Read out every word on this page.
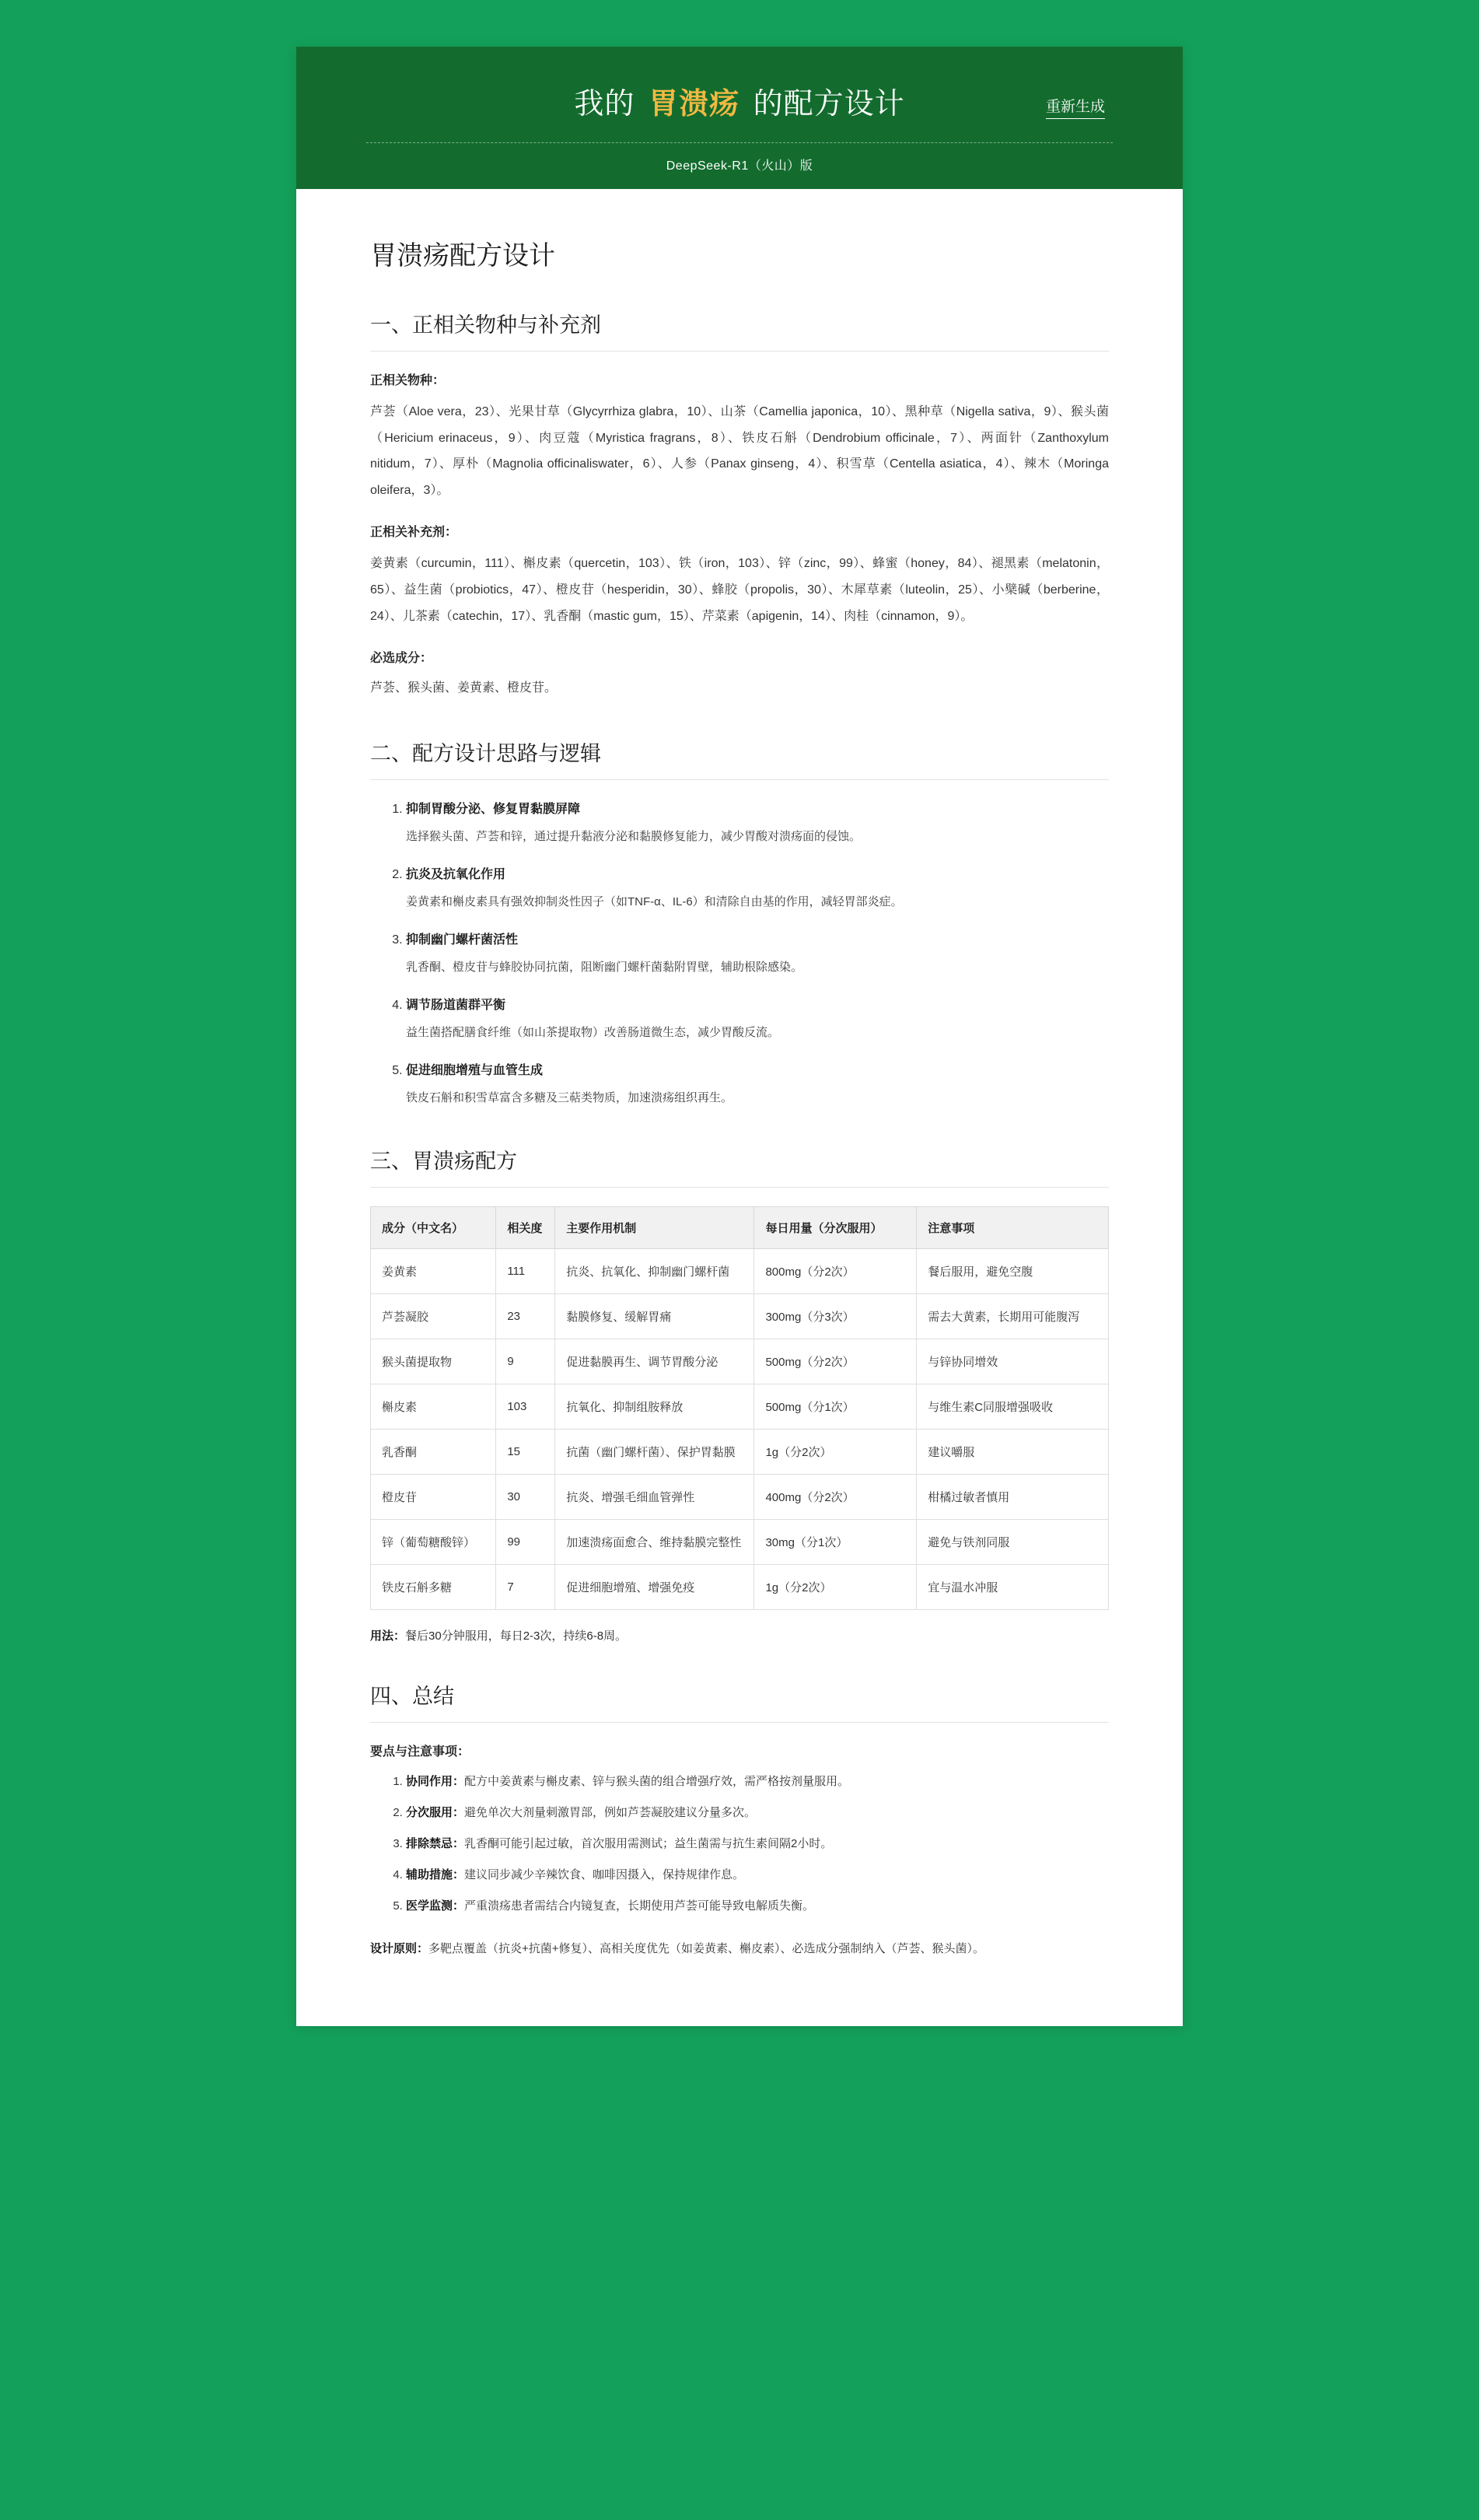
我的 胃溃疡 的配方设计	重新生成
DeepSeek-R1（火山）版
胃溃疡配方设计
一、正相关物种与补充剂
正相关物种：

芦荟（Aloe vera，23）、光果甘草（Glycyrrhiza glabra，10）、山茶（Camellia japonica，10）、黑种草（Nigella sativa，9）、猴头菌（Hericium erinaceus，9）、肉豆蔻（Myristica fragrans，8）、铁皮石斛（Dendrobium officinale，7）、两面针（Zanthoxylum nitidum，7）、厚朴（Magnolia officinaliswater，6）、人参（Panax ginseng，4）、积雪草（Centella asiatica，4）、辣木（Moringa oleifera，3）。

正相关补充剂：

姜黄素（curcumin，111）、槲皮素（quercetin，103）、铁（iron，103）、锌（zinc，99）、蜂蜜（honey，84）、褪黑素（melatonin，65）、益生菌（probiotics，47）、橙皮苷（hesperidin，30）、蜂胶（propolis，30）、木犀草素（luteolin，25）、小檗碱（berberine，24）、儿茶素（catechin，17）、乳香酮（mastic gum，15）、芹菜素（apigenin，14）、肉桂（cinnamon，9）。

必选成分：

芦荟、猴头菌、姜黄素、橙皮苷。

二、配方设计思路与逻辑
1. 抑制胃酸分泌、修复胃黏膜屏障
选择猴头菌、芦荟和锌，通过提升黏液分泌和黏膜修复能力，减少胃酸对溃疡面的侵蚀。
2. 抗炎及抗氧化作用
姜黄素和槲皮素具有强效抑制炎性因子（如TNF-α、IL-6）和清除自由基的作用，减轻胃部炎症。
3. 抑制幽门螺杆菌活性
乳香酮、橙皮苷与蜂胶协同抗菌，阻断幽门螺杆菌黏附胃壁，辅助根除感染。
4. 调节肠道菌群平衡
益生菌搭配膳食纤维（如山茶提取物）改善肠道微生态，减少胃酸反流。
5. 促进细胞增殖与血管生成
铁皮石斛和积雪草富含多糖及三萜类物质，加速溃疡组织再生。
三、胃溃疡配方
成分（中文名）	相关度	主要作用机制	每日用量（分次服用）	注意事项
姜黄素	111	抗炎、抗氧化、抑制幽门螺杆菌	800mg（分2次）	餐后服用，避免空腹
芦荟凝胶	23	黏膜修复、缓解胃痛	300mg（分3次）	需去大黄素，长期用可能腹泻
猴头菌提取物	9	促进黏膜再生、调节胃酸分泌	500mg（分2次）	与锌协同增效
槲皮素	103	抗氧化、抑制组胺释放	500mg（分1次）	与维生素C同服增强吸收
乳香酮	15	抗菌（幽门螺杆菌）、保护胃黏膜	1g（分2次）	建议嚼服
橙皮苷	30	抗炎、增强毛细血管弹性	400mg（分2次）	柑橘过敏者慎用
锌（葡萄糖酸锌）	99	加速溃疡面愈合、维持黏膜完整性	30mg（分1次）	避免与铁剂同服
铁皮石斛多糖	7	促进细胞增殖、增强免疫	1g（分2次）	宜与温水冲服

用法：餐后30分钟服用，每日2-3次，持续6-8周。

四、总结
要点与注意事项：
1. 协同作用：配方中姜黄素与槲皮素、锌与猴头菌的组合增强疗效，需严格按剂量服用。
2. 分次服用：避免单次大剂量刺激胃部，例如芦荟凝胶建议分量多次。
3. 排除禁忌：乳香酮可能引起过敏，首次服用需测试；益生菌需与抗生素间隔2小时。
4. 辅助措施：建议同步减少辛辣饮食、咖啡因摄入，保持规律作息。
5. 医学监测：严重溃疡患者需结合内镜复查，长期使用芦荟可能导致电解质失衡。

设计原则：多靶点覆盖（抗炎+抗菌+修复）、高相关度优先（如姜黄素、槲皮素）、必选成分强制纳入（芦荟、猴头菌）。
